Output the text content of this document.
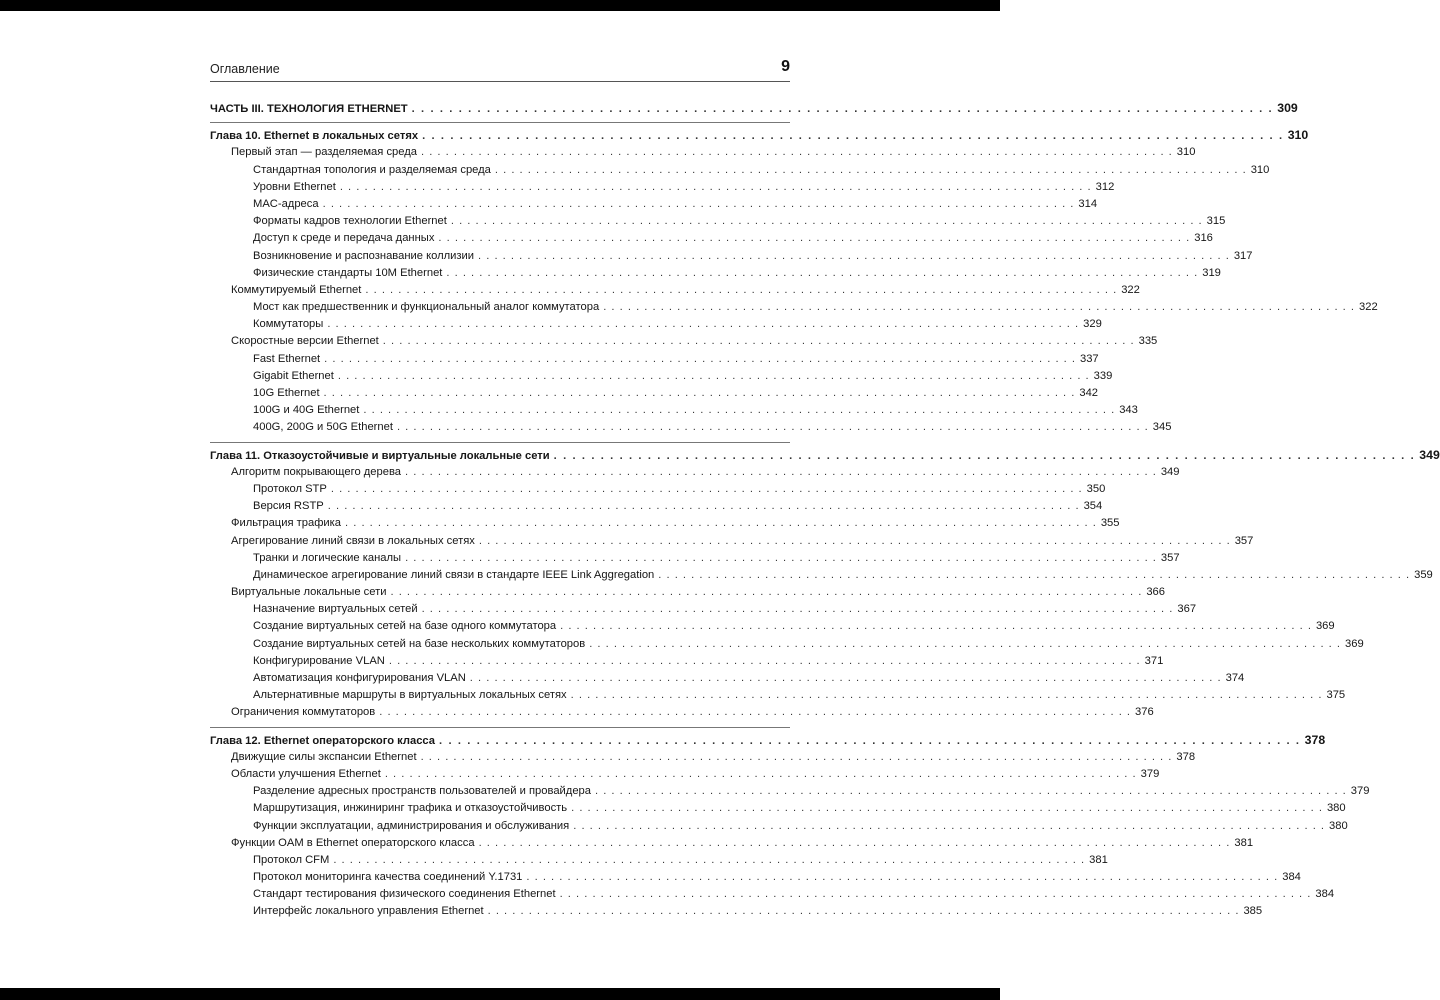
Оглавление	9
ЧАСТЬ III. ТЕХНОЛОГИЯ ETHERNET . . . . . . . . . . . . . . . . . . . . . . . . . . . . . . . . . . . . . . . . . . . . . . . . . . . . . . . . . . . . . . . . . . . . . . . . . . . . . . . . . . . . . . . . . . . . 309
Глава 10. Ethernet в локальных сетях . . . . . . . . . . . . . . . . . . . . . . . . . . . . . . . . . . . . . . . . . . . . . . . . . . . . . . . . . . . . . . . . . . . . . . . . . . . . . . . . . . . . . . . . . . . . 310
Первый этап — разделяемая среда . . . . . . . . . . . . . . . . . . . . . . . . . . . . . . . . . . . . . . . . . . . . . . . . . . . . . . . . . . . . . . . . . . . . . . . . . . . . . . . . . . . . . . . . . . . . 310
Стандартная топология и разделяемая среда . . . . . . . . . . . . . . . . . . . . . . . . . . . . . . . . . . . . . . . . . . . . . . . . . . . . . . . . . . . . . . . . . . . . . . . . . . . . . . . . . . . . . . . . . . . . 310
Уровни Ethernet . . . . . . . . . . . . . . . . . . . . . . . . . . . . . . . . . . . . . . . . . . . . . . . . . . . . . . . . . . . . . . . . . . . . . . . . . . . . . . . . . . . . . . . . . . . . 312
MAC-адреса . . . . . . . . . . . . . . . . . . . . . . . . . . . . . . . . . . . . . . . . . . . . . . . . . . . . . . . . . . . . . . . . . . . . . . . . . . . . . . . . . . . . . . . . . . . . 314
Форматы кадров технологии Ethernet . . . . . . . . . . . . . . . . . . . . . . . . . . . . . . . . . . . . . . . . . . . . . . . . . . . . . . . . . . . . . . . . . . . . . . . . . . . . . . . . . . . . . . . . . . . . 315
Доступ к среде и передача данных . . . . . . . . . . . . . . . . . . . . . . . . . . . . . . . . . . . . . . . . . . . . . . . . . . . . . . . . . . . . . . . . . . . . . . . . . . . . . . . . . . . . . . . . . . . . 316
Возникновение и распознавание коллизии . . . . . . . . . . . . . . . . . . . . . . . . . . . . . . . . . . . . . . . . . . . . . . . . . . . . . . . . . . . . . . . . . . . . . . . . . . . . . . . . . . . . . . . . . . . . 317
Физические стандарты 10M Ethernet . . . . . . . . . . . . . . . . . . . . . . . . . . . . . . . . . . . . . . . . . . . . . . . . . . . . . . . . . . . . . . . . . . . . . . . . . . . . . . . . . . . . . . . . . . . . 319
Коммутируемый Ethernet . . . . . . . . . . . . . . . . . . . . . . . . . . . . . . . . . . . . . . . . . . . . . . . . . . . . . . . . . . . . . . . . . . . . . . . . . . . . . . . . . . . . . . . . . . . . 322
Мост как предшественник и функциональный аналог коммутатора . . . . . . . . . . . . . . . . . . . . . . . . . . . . . . . . . . . . . . . . . . . . . . . . . . . . . . . . . . . . . . . . . . . . . . . . . . . . . . . . . . . . . . . . . . . . 322
Коммутаторы . . . . . . . . . . . . . . . . . . . . . . . . . . . . . . . . . . . . . . . . . . . . . . . . . . . . . . . . . . . . . . . . . . . . . . . . . . . . . . . . . . . . . . . . . . . . 329
Скоростные версии Ethernet . . . . . . . . . . . . . . . . . . . . . . . . . . . . . . . . . . . . . . . . . . . . . . . . . . . . . . . . . . . . . . . . . . . . . . . . . . . . . . . . . . . . . . . . . . . . 335
Fast Ethernet . . . . . . . . . . . . . . . . . . . . . . . . . . . . . . . . . . . . . . . . . . . . . . . . . . . . . . . . . . . . . . . . . . . . . . . . . . . . . . . . . . . . . . . . . . . . 337
Gigabit Ethernet . . . . . . . . . . . . . . . . . . . . . . . . . . . . . . . . . . . . . . . . . . . . . . . . . . . . . . . . . . . . . . . . . . . . . . . . . . . . . . . . . . . . . . . . . . . . 339
10G Ethernet . . . . . . . . . . . . . . . . . . . . . . . . . . . . . . . . . . . . . . . . . . . . . . . . . . . . . . . . . . . . . . . . . . . . . . . . . . . . . . . . . . . . . . . . . . . . 342
100G и 40G Ethernet . . . . . . . . . . . . . . . . . . . . . . . . . . . . . . . . . . . . . . . . . . . . . . . . . . . . . . . . . . . . . . . . . . . . . . . . . . . . . . . . . . . . . . . . . . . . 343
400G, 200G и 50G Ethernet . . . . . . . . . . . . . . . . . . . . . . . . . . . . . . . . . . . . . . . . . . . . . . . . . . . . . . . . . . . . . . . . . . . . . . . . . . . . . . . . . . . . . . . . . . . . 345
Глава 11. Отказоустойчивые и виртуальные локальные сети . . . . . . . . . . . . . . . . . . . . . . . . . . . . . . . . . . . . . . . . . . . . . . . . . . . . . . . . . . . . . . . . . . . . . . . . . . . . . . . . . . . . . . . . . . . . 349
Алгоритм покрывающего дерева . . . . . . . . . . . . . . . . . . . . . . . . . . . . . . . . . . . . . . . . . . . . . . . . . . . . . . . . . . . . . . . . . . . . . . . . . . . . . . . . . . . . . . . . . . . . 349
Протокол STP . . . . . . . . . . . . . . . . . . . . . . . . . . . . . . . . . . . . . . . . . . . . . . . . . . . . . . . . . . . . . . . . . . . . . . . . . . . . . . . . . . . . . . . . . . . . 350
Версия RSTP . . . . . . . . . . . . . . . . . . . . . . . . . . . . . . . . . . . . . . . . . . . . . . . . . . . . . . . . . . . . . . . . . . . . . . . . . . . . . . . . . . . . . . . . . . . . 354
Фильтрация трафика . . . . . . . . . . . . . . . . . . . . . . . . . . . . . . . . . . . . . . . . . . . . . . . . . . . . . . . . . . . . . . . . . . . . . . . . . . . . . . . . . . . . . . . . . . . . 355
Агрегирование линий связи в локальных сетях . . . . . . . . . . . . . . . . . . . . . . . . . . . . . . . . . . . . . . . . . . . . . . . . . . . . . . . . . . . . . . . . . . . . . . . . . . . . . . . . . . . . . . . . . . . . 357
Транки и логические каналы . . . . . . . . . . . . . . . . . . . . . . . . . . . . . . . . . . . . . . . . . . . . . . . . . . . . . . . . . . . . . . . . . . . . . . . . . . . . . . . . . . . . . . . . . . . . 357
Динамическое агрегирование линий связи в стандарте IEEE Link Aggregation . . . . . . . . . . . . . . . . . . . . . . . . . . . . . . . . . . . . . . . . . . . . . . . . . . . . . . . . . . . . . . . . . . . . . . . . . . . . . . . . . . . . . . . . . . . . 359
Виртуальные локальные сети . . . . . . . . . . . . . . . . . . . . . . . . . . . . . . . . . . . . . . . . . . . . . . . . . . . . . . . . . . . . . . . . . . . . . . . . . . . . . . . . . . . . . . . . . . . . 366
Назначение виртуальных сетей . . . . . . . . . . . . . . . . . . . . . . . . . . . . . . . . . . . . . . . . . . . . . . . . . . . . . . . . . . . . . . . . . . . . . . . . . . . . . . . . . . . . . . . . . . . . 367
Создание виртуальных сетей на базе одного коммутатора . . . . . . . . . . . . . . . . . . . . . . . . . . . . . . . . . . . . . . . . . . . . . . . . . . . . . . . . . . . . . . . . . . . . . . . . . . . . . . . . . . . . . . . . . . . . 369
Создание виртуальных сетей на базе нескольких коммутаторов . . . . . . . . . . . . . . . . . . . . . . . . . . . . . . . . . . . . . . . . . . . . . . . . . . . . . . . . . . . . . . . . . . . . . . . . . . . . . . . . . . . . . . . . . . . . 369
Конфигурирование VLAN . . . . . . . . . . . . . . . . . . . . . . . . . . . . . . . . . . . . . . . . . . . . . . . . . . . . . . . . . . . . . . . . . . . . . . . . . . . . . . . . . . . . . . . . . . . . 371
Автоматизация конфигурирования VLAN . . . . . . . . . . . . . . . . . . . . . . . . . . . . . . . . . . . . . . . . . . . . . . . . . . . . . . . . . . . . . . . . . . . . . . . . . . . . . . . . . . . . . . . . . . . . 374
Альтернативные маршруты в виртуальных локальных сетях . . . . . . . . . . . . . . . . . . . . . . . . . . . . . . . . . . . . . . . . . . . . . . . . . . . . . . . . . . . . . . . . . . . . . . . . . . . . . . . . . . . . . . . . . . . . 375
Ограничения коммутаторов . . . . . . . . . . . . . . . . . . . . . . . . . . . . . . . . . . . . . . . . . . . . . . . . . . . . . . . . . . . . . . . . . . . . . . . . . . . . . . . . . . . . . . . . . . . . 376
Глава 12. Ethernet операторского класса . . . . . . . . . . . . . . . . . . . . . . . . . . . . . . . . . . . . . . . . . . . . . . . . . . . . . . . . . . . . . . . . . . . . . . . . . . . . . . . . . . . . . . . . . . . . 378
Движущие силы экспансии Ethernet . . . . . . . . . . . . . . . . . . . . . . . . . . . . . . . . . . . . . . . . . . . . . . . . . . . . . . . . . . . . . . . . . . . . . . . . . . . . . . . . . . . . . . . . . . . . 378
Области улучшения Ethernet . . . . . . . . . . . . . . . . . . . . . . . . . . . . . . . . . . . . . . . . . . . . . . . . . . . . . . . . . . . . . . . . . . . . . . . . . . . . . . . . . . . . . . . . . . . . 379
Разделение адресных пространств пользователей и провайдера . . . . . . . . . . . . . . . . . . . . . . . . . . . . . . . . . . . . . . . . . . . . . . . . . . . . . . . . . . . . . . . . . . . . . . . . . . . . . . . . . . . . . . . . . . . . 379
Маршрутизация, инжиниринг трафика и отказоустойчивость . . . . . . . . . . . . . . . . . . . . . . . . . . . . . . . . . . . . . . . . . . . . . . . . . . . . . . . . . . . . . . . . . . . . . . . . . . . . . . . . . . . . . . . . . . . . 380
Функции эксплуатации, администрирования и обслуживания . . . . . . . . . . . . . . . . . . . . . . . . . . . . . . . . . . . . . . . . . . . . . . . . . . . . . . . . . . . . . . . . . . . . . . . . . . . . . . . . . . . . . . . . . . . . 380
Функции OAM в Ethernet операторского класса . . . . . . . . . . . . . . . . . . . . . . . . . . . . . . . . . . . . . . . . . . . . . . . . . . . . . . . . . . . . . . . . . . . . . . . . . . . . . . . . . . . . . . . . . . . . 381
Протокол CFM . . . . . . . . . . . . . . . . . . . . . . . . . . . . . . . . . . . . . . . . . . . . . . . . . . . . . . . . . . . . . . . . . . . . . . . . . . . . . . . . . . . . . . . . . . . . 381
Протокол мониторинга качества соединений Y.1731 . . . . . . . . . . . . . . . . . . . . . . . . . . . . . . . . . . . . . . . . . . . . . . . . . . . . . . . . . . . . . . . . . . . . . . . . . . . . . . . . . . . . . . . . . . . . 384
Стандарт тестирования физического соединения Ethernet . . . . . . . . . . . . . . . . . . . . . . . . . . . . . . . . . . . . . . . . . . . . . . . . . . . . . . . . . . . . . . . . . . . . . . . . . . . . . . . . . . . . . . . . . . . . 384
Интерфейс локального управления Ethernet . . . . . . . . . . . . . . . . . . . . . . . . . . . . . . . . . . . . . . . . . . . . . . . . . . . . . . . . . . . . . . . . . . . . . . . . . . . . . . . . . . . . . . . . . . . . 385
